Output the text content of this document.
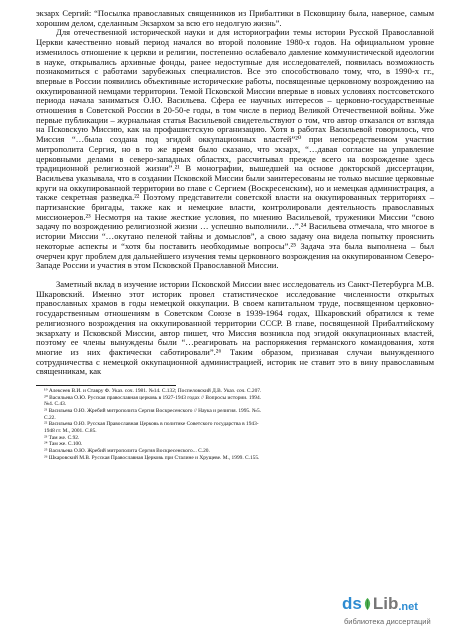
экзарх Сергий: “Посылка православных священников из Прибалтики в Псковщину была, наверное, самым хорошим делом, сделанным Экзархом за всю его недолгую жизнь”.

Для отечественной исторической науки и для историографии темы истории Русской Православной Церкви качественно новый период начался во второй половине 1980-х годов. На официальном уровне изменилось отношение к церкви и религии, постепенно ослабевало давление коммунистической идеологии в науке, открывались архивные фонды, ранее недоступные для исследователей, появилась возможность познакомиться с работами зарубежных специалистов. Все это способствовало тому, что, в 1990-х гг., впервые в России появились объективные исторические работы, посвященные церковному возрождению на оккупированной немцами территории. Темой Псковской Миссии впервые в новых условиях постсоветского периода начала заниматься О.Ю. Васильева. Сфера ее научных интересов – церковно-государственные отношения в Советской России в 20-50-е годы, в том числе в период Великой Отечественной войны. Уже первые публикации – журнальная статья Васильевой свидетельствуют о том, что автор отказался от взгляда на Псковскую Миссию, как на профашистскую организацию. Хотя в работах Васильевой говорилось, что Миссия “…была создана под эгидой оккупационных властей”²⁰ при непосредственном участии митрополита Сергия, но в то же время было сказано, что экзарх, “…давая согласие на управление церковными делами в северо-западных областях, рассчитывал прежде всего на возрождение здесь традиционной религиозной жизни”.²¹ В монографии, вышедшей на основе докторской диссертации, Васильева указывала, что в создании Псковской Миссии были заинтересованы не только высшие церковные круги на оккупированной территории во главе с Сергием (Воскресенским), но и немецкая администрация, а также секретная разведка.²² Поэтому представители советской власти на оккупированных территориях – партизанские бригады, также как и немецкие власти, контролировали деятельность православных миссионеров.²³ Несмотря на такие жесткие условия, по мнению Васильевой, труженики Миссии “свою задачу по возрождению религиозной жизни … успешно выполнили…”.²⁴ Васильева отмечала, что многое в истории Миссии “…окутано пеленой тайны и домыслов”, а свою задачу она видела попытку прояснить некоторые аспекты и “хотя бы поставить необходимые вопросы”.²⁵ Задача эта была выполнена – был очерчен круг проблем для дальнейшего изучения темы церковного возрождения на оккупированном Северо-Западе России и участия в этом Псковской Православной Миссии.

Заметный вклад в изучение истории Псковской Миссии внес исследователь из Санкт-Петербурга М.В. Шкаровский. Именно этот историк провел статистическое исследование численности открытых православных храмов в годы немецкой оккупации. В своем капитальном труде, посвященном церковно-государственным отношениям в Советском Союзе в 1939-1964 годах, Шкаровский обратился к теме религиозного возрождения на оккупированной территории СССР. В главе, посвященной Прибалтийскому экзархату и Псковской Миссии, автор пишет, что Миссия возникла под эгидой оккупационных властей, поэтому ее члены вынуждены были “…реагировать на распоряжения германского командования, хотя многие из них фактически саботировали”.²⁶ Таким образом, признавая случаи вынужденного сотрудничества с немецкой оккупационной администрацией, историк не ставит это в вину православным священникам, как

¹⁹ Алексеев В.И. и Ставру Ф. Указ. соч. 1981. №14. С.132; Поспеловский Д.В. Указ. соч. С.207.

²⁰ Васильева О.Ю. Русская православная церковь в 1927-1943 годах // Вопросы истории. 1994.

№4. С.43.

²¹ Васильева О.Ю. Жребий митрополита Сергия Воскресенского // Наука и религия. 1995. №5.

С.22.

²² Васильева О.Ю. Русская Православная Церковь в политике Советского государства в 1943-

1948 гг. М., 2001. С.85.

²³ Там же. С.92.

²⁴ Там же. С.100.

²⁵ Васильева О.Ю. Жребий митрополита Сергия Воскресенского... С.20.

²⁶ Шкаровский М.В. Русская Православная Церковь при Сталине и Хрущеве. М., 1999. С.155.

ds Lib .net
библиотека диссертаций
